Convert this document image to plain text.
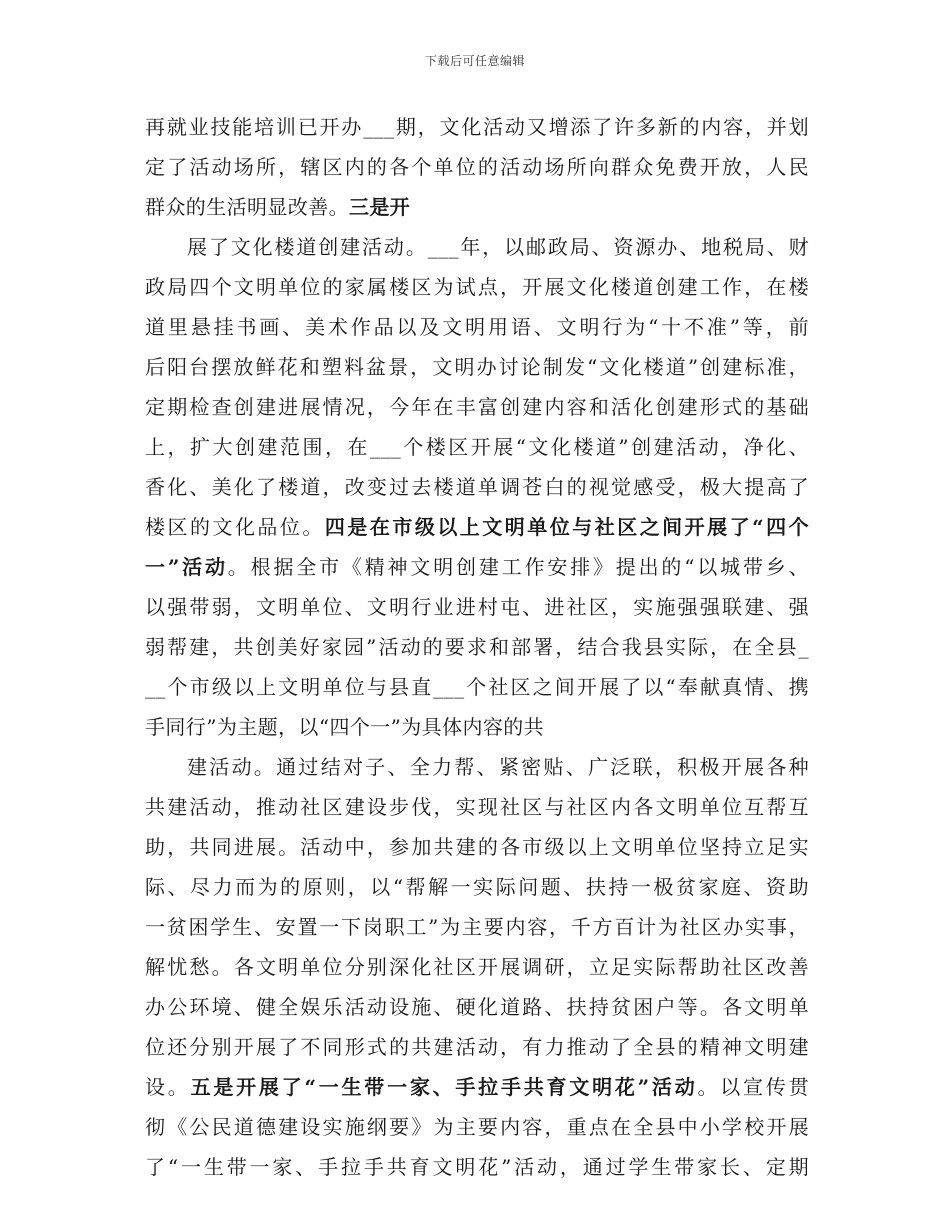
下载后可任意编辑
再就业技能培训已开办___期，文化活动又增添了许多新的内容，并划
定了活动场所，辖区内的各个单位的活动场所向群众免费开放，人民
群众的生活明显改善。三是开
展了文化楼道创建活动。___年，以邮政局、资源办、地税局、财
政局四个文明单位的家属楼区为试点，开展文化楼道创建工作，在楼
道里悬挂书画、美术作品以及文明用语、文明行为“十不准”等，前
后阳台摆放鲜花和塑料盆景，文明办讨论制发“文化楼道”创建标准，
定期检查创建进展情况，今年在丰富创建内容和活化创建形式的基础
上，扩大创建范围，在___个楼区开展“文化楼道”创建活动，净化、
香化、美化了楼道，改变过去楼道单调苍白的视觉感受，极大提高了
楼区的文化品位。四是在市级以上文明单位与社区之间开展了“四个
一”活动。根据全市《精神文明创建工作安排》提出的“以城带乡、
以强带弱，文明单位、文明行业进村屯、进社区，实施强强联建、强
弱帮建，共创美好家园”活动的要求和部署，结合我县实际，在全县_
__个市级以上文明单位与县直___个社区之间开展了以“奉献真情、携
手同行”为主题，以“四个一”为具体内容的共
建活动。通过结对子、全力帮、紧密贴、广泛联，积极开展各种
共建活动，推动社区建设步伐，实现社区与社区内各文明单位互帮互
助，共同进展。活动中，参加共建的各市级以上文明单位坚持立足实
际、尽力而为的原则，以“帮解一实际问题、扶持一极贫家庭、资助
一贫困学生、安置一下岗职工”为主要内容，千方百计为社区办实事，
解忧愁。各文明单位分别深化社区开展调研，立足实际帮助社区改善
办公环境、健全娱乐活动设施、硬化道路、扶持贫困户等。各文明单
位还分别开展了不同形式的共建活动，有力推动了全县的精神文明建
设。五是开展了“一生带一家、手拉手共育文明花”活动。以宣传贯
彻《公民道德建设实施纲要》为主要内容，重点在全县中小学校开展
了“一生带一家、手拉手共育文明花”活动，通过学生带家长、定期
